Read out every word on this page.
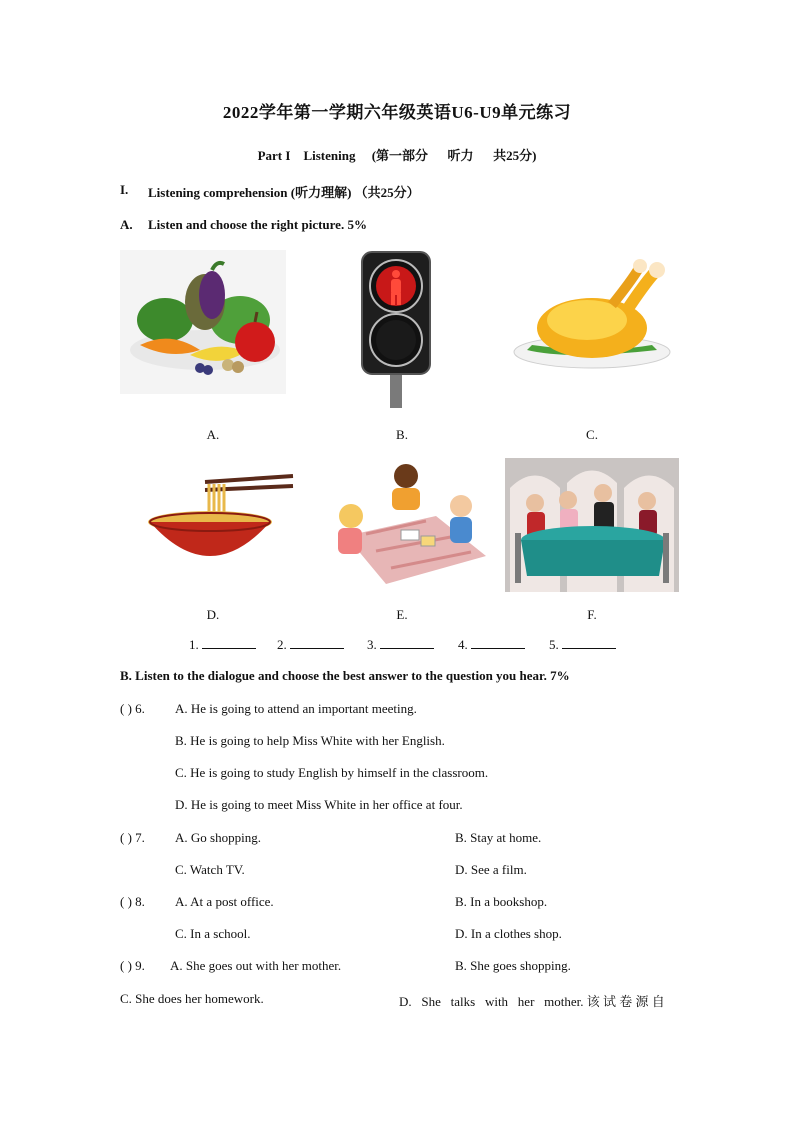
2022学年第一学期六年级英语U6-U9单元练习
Part I Listening (第一部分 听力 共25分)
I. Listening comprehension (听力理解) （共25分）
A. Listen and choose the right picture. 5%
A.	B.	C.
D.	E.	F.
1.	2.	3.	4.	5.
B. Listen to the dialogue and choose the best answer to the question you hear. 7%
( ) 6. A. He is going to attend an important meeting.
B. He is going to help Miss White with her English.
C. He is going to study English by himself in the classroom.
D. He is going to meet Miss White in her office at four.
( ) 7. A. Go shopping.	B. Stay at home.
C. Watch TV.	D. See a film.
( ) 8. A. At a post office.	B. In a bookshop.
C. In a school.	D. In a clothes shop.
( ) 9. A. She goes out with her mother.	B. She goes shopping.
C. She does her homework.	D.   She   talks   with   her   mother. 该 试 卷 源 自
